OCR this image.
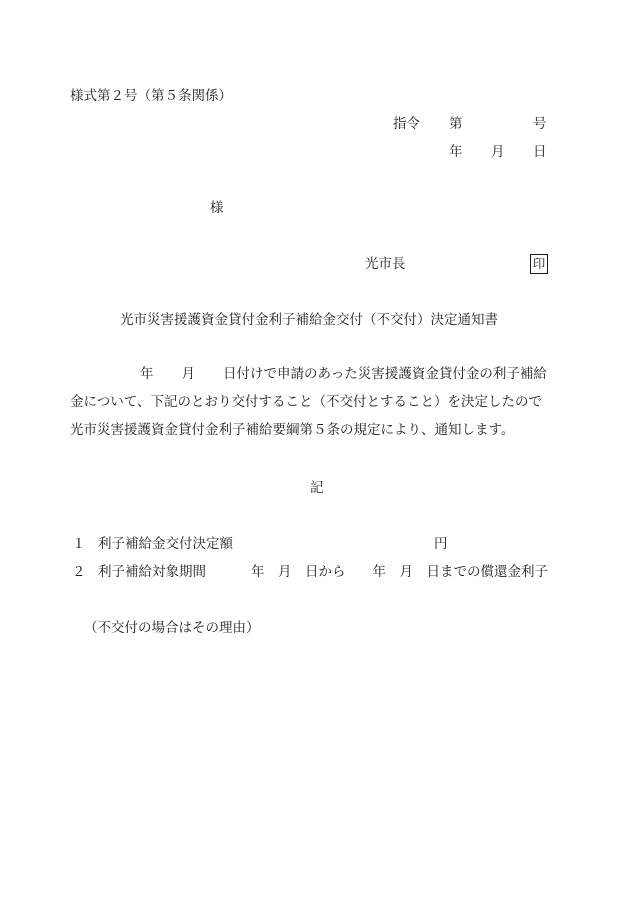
様式第２号（第５条関係）
指令 第	号
年 月 日
様
光市長	印
光市災害援護資金貸付金利子補給金交付（不交付）決定通知書
年 月 日付けで申請のあった災害援護資金貸付金の利子補給
金について、下記のとおり交付すること（不交付とすること）を決定したので
光市災害援護資金貸付金利子補給要綱第５条の規定により、通知します。
記
１ 利子補給金交付決定額	円
２ 利子補給対象期間	年　月　日から　　年　月　日までの償還金利子
（不交付の場合はその理由）
